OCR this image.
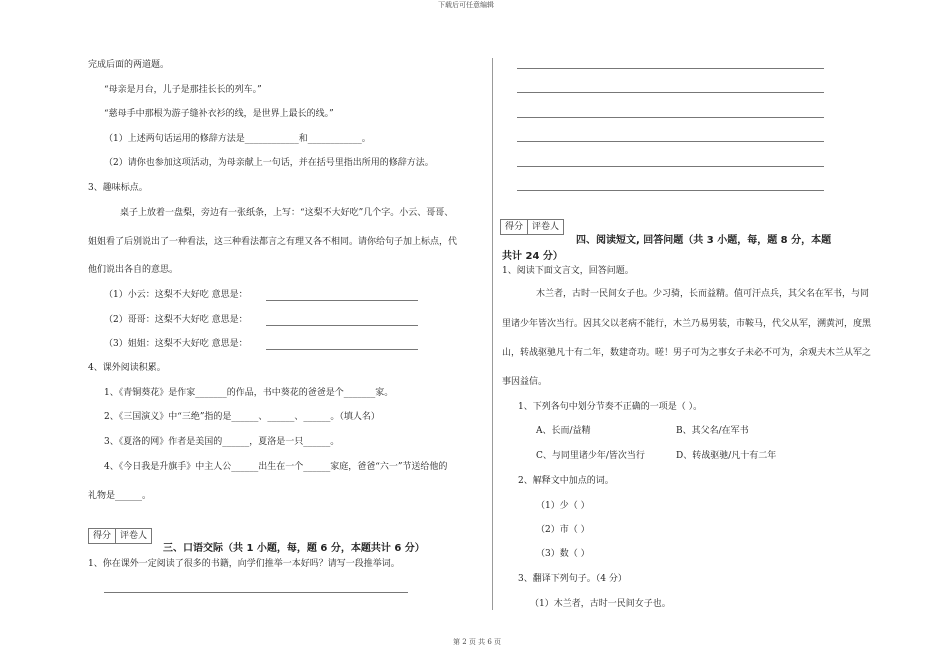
下载后可任意编辑
完成后面的两道题。
“母亲是月台，儿子是那挂长长的列车。”
“慈母手中那根为游子缝补衣衫的线，是世界上最长的线。”
（1）上述两句话运用的修辞方法是____________和____________。
（2）请你也参加这项活动，为母亲献上一句话，并在括号里指出所用的修辞方法。
3、趣味标点。
桌子上放着一盘梨，旁边有一张纸条，上写：“这梨不大好吃”几个字。小云、哥哥、
姐姐看了后别说出了一种看法，这三种看法都言之有理又各不相同。请你给句子加上标点，代
他们说出各自的意思。
（1）小云：这梨不大好吃 意思是：
（2）哥哥：这梨不大好吃 意思是：
（3）姐姐：这梨不大好吃 意思是：
4、课外阅读积累。
1、《青铜葵花》是作家_______的作品，书中葵花的爸爸是个_______家。
2、《三国演义》中“三绝”指的是______、______、______。（填人名）
3、《夏洛的网》作者是美国的______，夏洛是一只______。
4、《今日我是升旗手》中主人公______出生在一个______家庭，爸爸“六一”节送给他的
礼物是______。
得分	评卷人
三、口语交际（共 1 小题，每，题 6 分，本题共计 6 分）
1、你在课外一定阅读了很多的书籍，向学们推举一本好吗？请写一段推举词。
得分	评卷人
四、阅读短文, 回答问题（共 3 小题，每，题 8 分，本题
共计 24 分）
1、阅读下面文言文，回答问题。
木兰者，古时一民间女子也。少习骑，长而益精。值可汗点兵，其父名在军书，与同
里诸少年皆次当行。因其父以老病不能行，木兰乃易男装，市鞍马，代父从军，溯黄河，度黑
山，转战驱驰凡十有二年，数建奇功。嗟！男子可为之事女子未必不可为，余观夫木兰从军之
事因益信。
1、下列各句中划分节奏不正确的一项是（ ）。
A、长而/益精	B、其父名/在军书
C、与同里诸少年/皆次当行	D、转战驱驰/凡十有二年
2、解释文中加点的词。
（1）少（ ）
（2）市（ ）
（3）数（ ）
3、翻译下列句子。（4 分）
（1）木兰者，古时一民间女子也。
第 2 页 共 6 页
